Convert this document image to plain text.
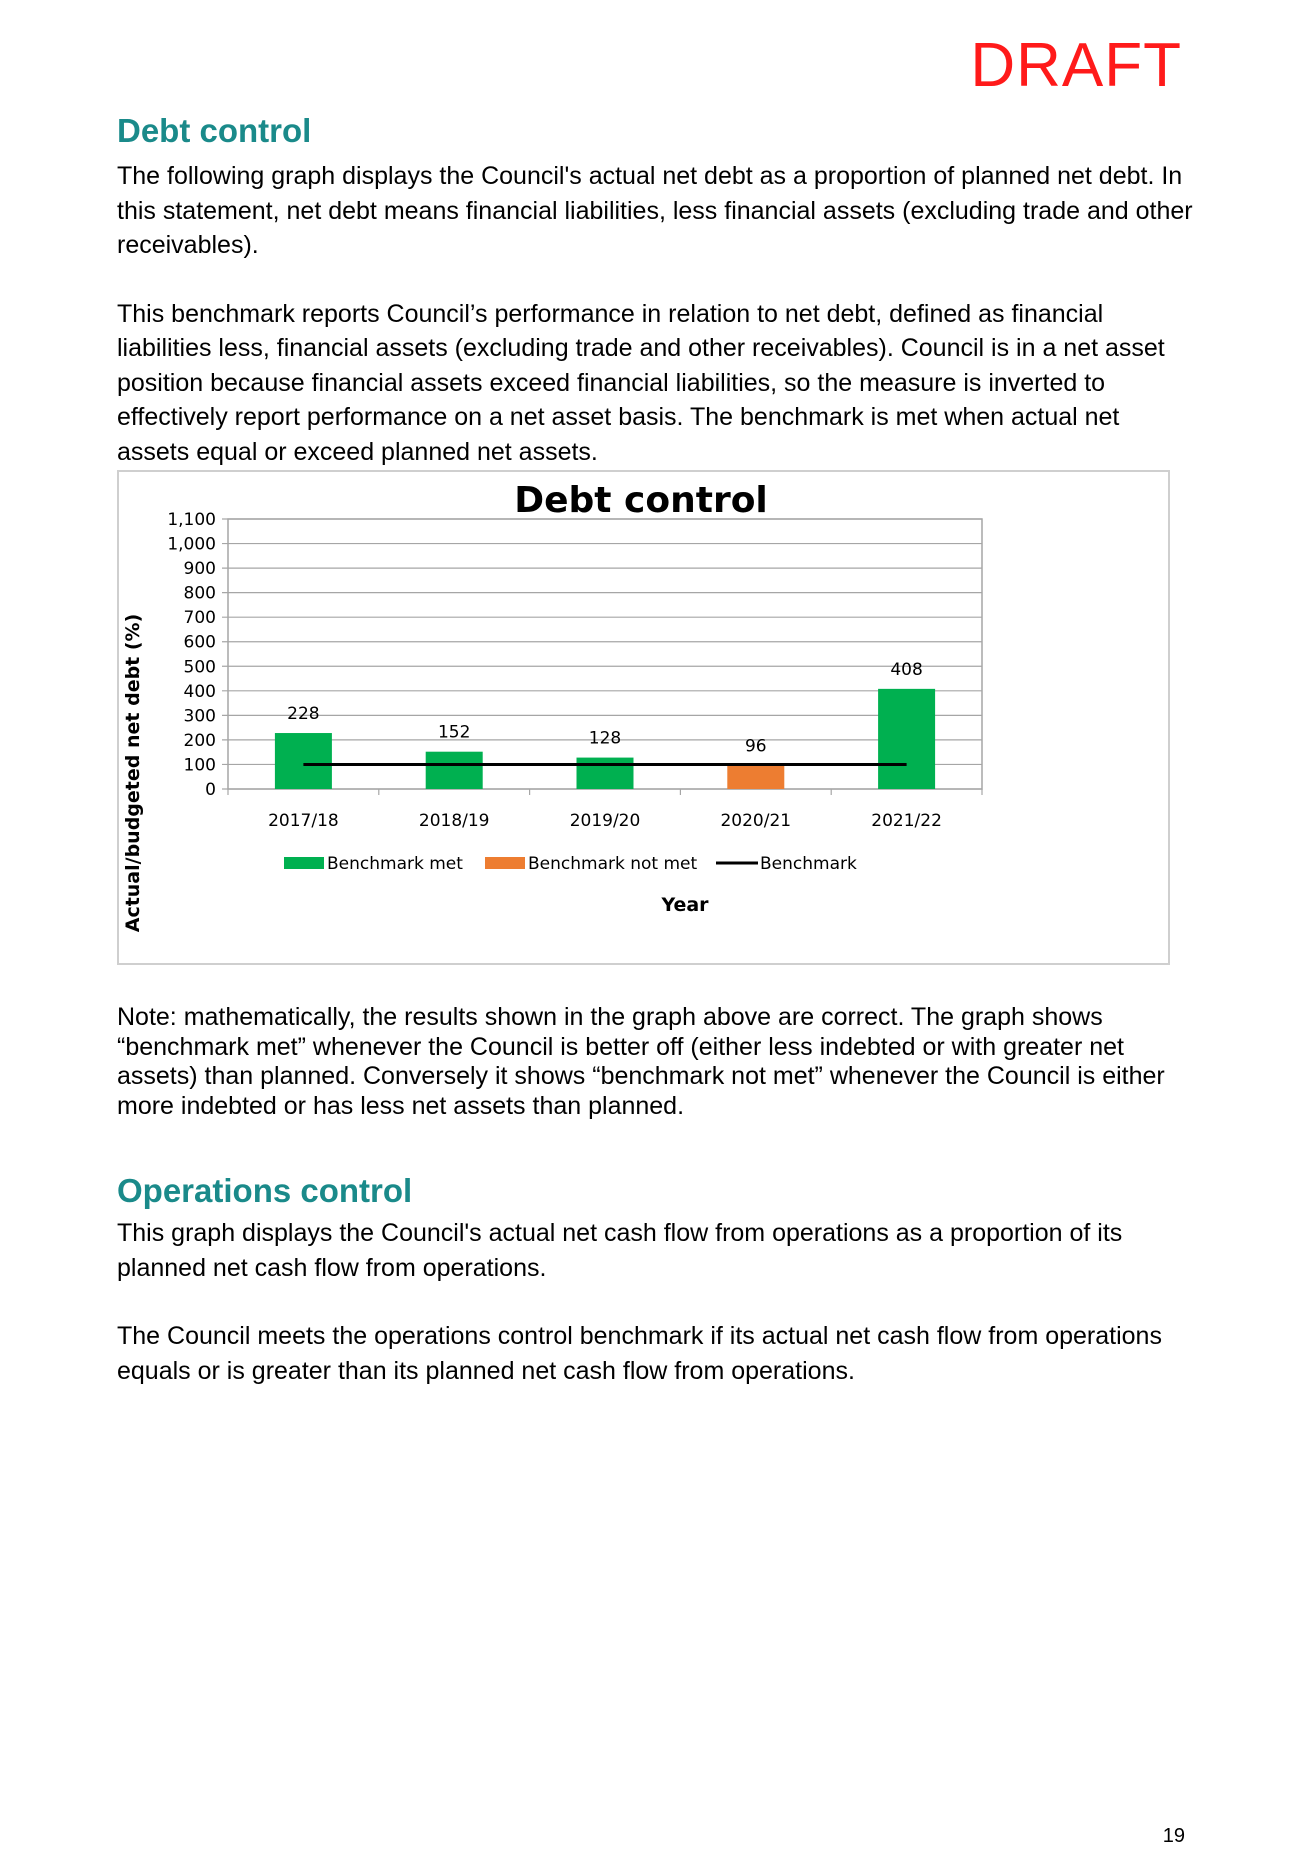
DRAFT
Debt control

The following graph displays the Council's actual net debt as a proportion of planned net debt. In this statement, net debt means financial liabilities, less financial assets (excluding trade and other receivables).

This benchmark reports Council’s performance in relation to net debt, defined as financial liabilities less, financial assets (excluding trade and other receivables). Council is in a net asset position because financial assets exceed financial liabilities, so the measure is inverted to effectively report performance on a net asset basis. The benchmark is met when actual net assets equal or exceed planned net assets.

Debt control
0
100
200
300
400
500
600
700
800
900
1,000
1,100
228
152	128	96
408
2017/18	2018/19	2019/20	2020/21	2021/22
Actual/budgeted net debt (%)	Year
Benchmark met	Benchmark not met	Benchmark

Note: mathematically, the results shown in the graph above are correct. The graph shows “benchmark met” whenever the Council is better off (either less indebted or with greater net assets) than planned. Conversely it shows “benchmark not met” whenever the Council is either more indebted or has less net assets than planned.

Operations control

This graph displays the Council's actual net cash flow from operations as a proportion of its planned net cash flow from operations.

The Council meets the operations control benchmark if its actual net cash flow from operations equals or is greater than its planned net cash flow from operations.

19
